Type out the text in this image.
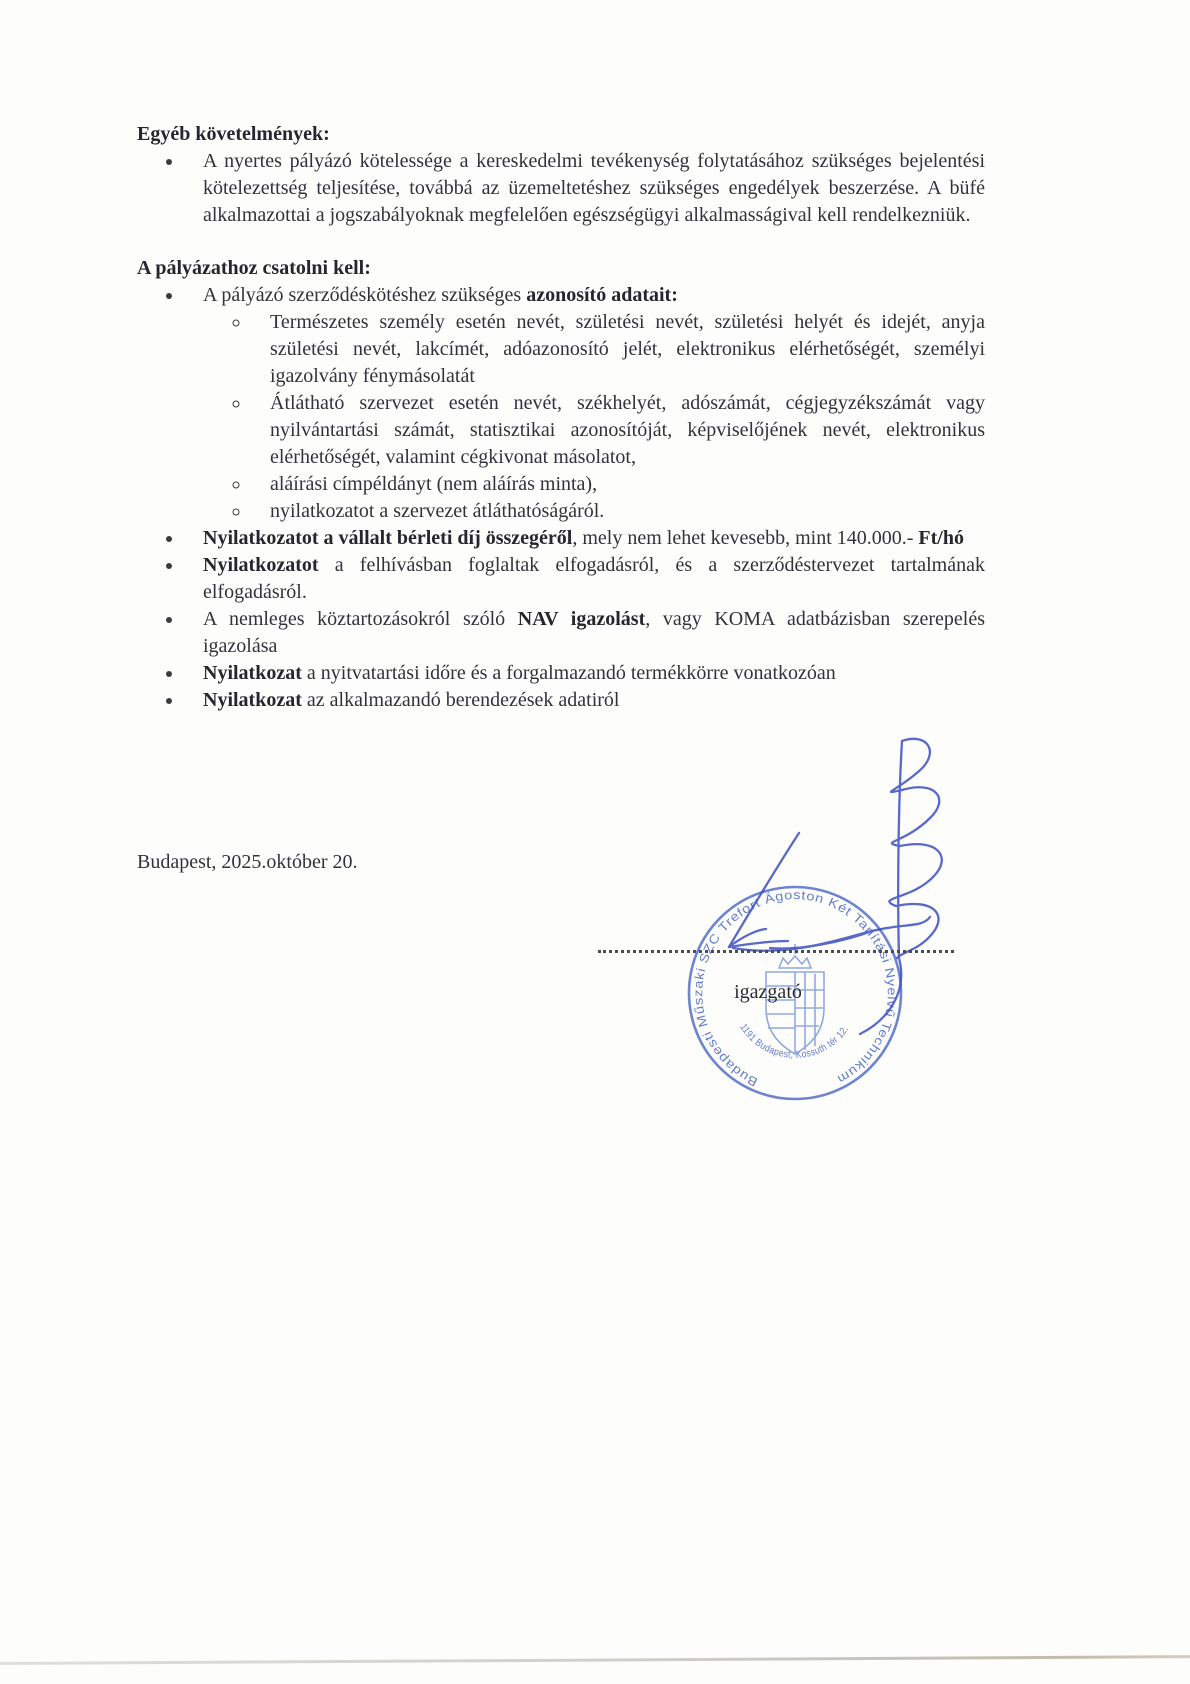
Egyéb követelmények:
• A nyertes pályázó kötelessége a kereskedelmi tevékenység folytatásához szükséges bejelentési kötelezettség teljesítése, továbbá az üzemeltetéshez szükséges engedélyek beszerzése. A büfé alkalmazottai a jogszabályoknak megfelelően egészségügyi alkalmasságival kell rendelkezniük.
A pályázathoz csatolni kell:
• A pályázó szerződéskötéshez szükséges azonosító adatait:
◦ Természetes személy esetén nevét, születési nevét, születési helyét és idejét, anyja születési nevét, lakcímét, adóazonosító jelét, elektronikus elérhetőségét, személyi igazolvány fénymásolatát
◦ Átlátható szervezet esetén nevét, székhelyét, adószámát, cégjegyzékszámát vagy nyilvántartási számát, statisztikai azonosítóját, képviselőjének nevét, elektronikus elérhetőségét, valamint cégkivonat másolatot,
◦ aláírási címpéldányt (nem aláírás minta),
◦ nyilatkozatot a szervezet átláthatóságáról.
• Nyilatkozatot a vállalt bérleti díj összegéről, mely nem lehet kevesebb, mint 140.000.- Ft/hó
• Nyilatkozatot a felhívásban foglaltak elfogadásról, és a szerződéstervezet tartalmának elfogadásról.
• A nemleges köztartozásokról szóló NAV igazolást, vagy KOMA adatbázisban szerepelés igazolása
• Nyilatkozat a nyitvatartási időre és a forgalmazandó termékkörre vonatkozóan
• Nyilatkozat az alkalmazandó berendezések adatiról
Budapest, 2025.október 20.
Budapesti Műszaki SZC Trefort Ágoston Két Tanítási Nyelvű Technikum
1191 Budapest, Kossuth tér 12.
igazgató
